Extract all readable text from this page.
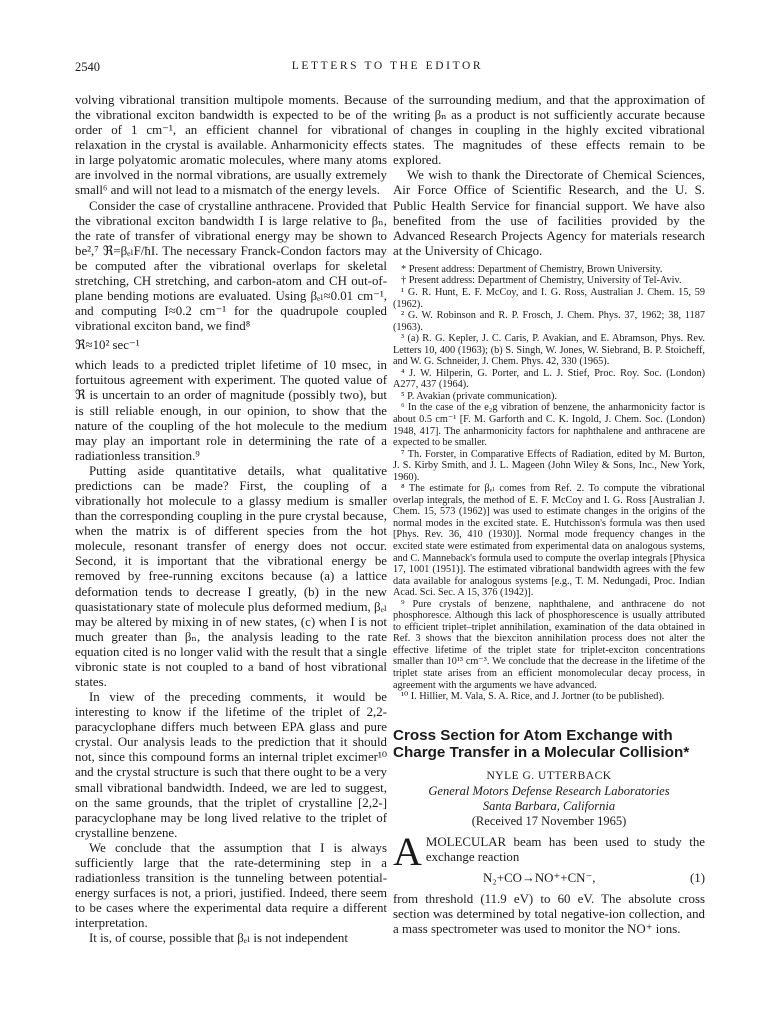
2540	LETTERS TO THE EDITOR

volving vibrational transition multipole moments. Because the vibrational exciton bandwidth is expected to be of the order of 1 cm⁻¹, an efficient channel for vibrational relaxation in the crystal is available. Anharmonicity effects in large polyatomic aromatic molecules, where many atoms are involved in the normal vibrations, are usually extremely small⁶ and will not lead to a mismatch of the energy levels.

Consider the case of crystalline anthracene. Provided that the vibrational exciton bandwidth I is large relative to βₙ, the rate of transfer of vibrational energy may be shown to be²,⁷ ℜ=βₑₗF/ħI. The necessary Franck-Condon factors may be computed after the vibrational overlaps for skeletal stretching, CH stretching, and carbon-atom and CH out-of-plane bending motions are evaluated. Using βₑₗ≈0.01 cm⁻¹, and computing I≈0.2 cm⁻¹ for the quadrupole coupled vibrational exciton band, we find⁸

ℜ≈10² sec⁻¹

which leads to a predicted triplet lifetime of 10 msec, in fortuitous agreement with experiment. The quoted value of ℜ is uncertain to an order of magnitude (possibly two), but is still reliable enough, in our opinion, to show that the nature of the coupling of the hot molecule to the medium may play an important role in determining the rate of a radiationless transition.⁹

Putting aside quantitative details, what qualitative predictions can be made? First, the coupling of a vibrationally hot molecule to a glassy medium is smaller than the corresponding coupling in the pure crystal because, when the matrix is of different species from the hot molecule, resonant transfer of energy does not occur. Second, it is important that the vibrational energy be removed by free-running excitons because (a) a lattice deformation tends to decrease I greatly, (b) in the new quasistationary state of molecule plus deformed medium, βₑₗ may be altered by mixing in of new states, (c) when I is not much greater than βₙ, the analysis leading to the rate equation cited is no longer valid with the result that a single vibronic state is not coupled to a band of host vibrational states.

In view of the preceding comments, it would be interesting to know if the lifetime of the triplet of 2,2-paracyclophane differs much between EPA glass and pure crystal. Our analysis leads to the prediction that it should not, since this compound forms an internal triplet excimer¹⁰ and the crystal structure is such that there ought to be a very small vibrational bandwidth. Indeed, we are led to suggest, on the same grounds, that the triplet of crystalline [2,2-] paracyclophane may be long lived relative to the triplet of crystalline benzene.

We conclude that the assumption that I is always sufficiently large that the rate-determining step in a radiationless transition is the tunneling between potential-energy surfaces is not, a priori, justified. Indeed, there seem to be cases where the experimental data require a different interpretation.

It is, of course, possible that βₑₗ is not independent

of the surrounding medium, and that the approximation of writing βₙ as a product is not sufficiently accurate because of changes in coupling in the highly excited vibrational states. The magnitudes of these effects remain to be explored.

We wish to thank the Directorate of Chemical Sciences, Air Force Office of Scientific Research, and the U. S. Public Health Service for financial support. We have also benefited from the use of facilities provided by the Advanced Research Projects Agency for materials research at the University of Chicago.

* Present address: Department of Chemistry, Brown University.

† Present address: Department of Chemistry, University of Tel-Aviv.

¹ G. R. Hunt, E. F. McCoy, and I. G. Ross, Australian J. Chem. 15, 59 (1962).

² G. W. Robinson and R. P. Frosch, J. Chem. Phys. 37, 1962; 38, 1187 (1963).

³ (a) R. G. Kepler, J. C. Caris, P. Avakian, and E. Abramson, Phys. Rev. Letters 10, 400 (1963); (b) S. Singh, W. Jones, W. Siebrand, B. P. Stoicheff, and W. G. Schneider, J. Chem. Phys. 42, 330 (1965).

⁴ J. W. Hilperin, G. Porter, and L. J. Stief, Proc. Roy. Soc. (London) A277, 437 (1964).

⁵ P. Avakian (private communication).

⁶ In the case of the e₂g vibration of benzene, the anharmonicity factor is about 0.5 cm⁻¹ [F. M. Garforth and C. K. Ingold, J. Chem. Soc. (London) 1948, 417]. The anharmonicity factors for naphthalene and anthracene are expected to be smaller.

⁷ Th. Forster, in Comparative Effects of Radiation, edited by M. Burton, J. S. Kirby Smith, and J. L. Mageen (John Wiley & Sons, Inc., New York, 1960).

⁸ The estimate for βₑₗ comes from Ref. 2. To compute the vibrational overlap integrals, the method of E. F. McCoy and I. G. Ross [Australian J. Chem. 15, 573 (1962)] was used to estimate changes in the origins of the normal modes in the excited state. E. Hutchisson's formula was then used [Phys. Rev. 36, 410 (1930)]. Normal mode frequency changes in the excited state were estimated from experimental data on analogous systems, and C. Manneback's formula used to compute the overlap integrals [Physica 17, 1001 (1951)]. The estimated vibrational bandwidth agrees with the few data available for analogous systems [e.g., T. M. Nedungadi, Proc. Indian Acad. Sci. Sec. A 15, 376 (1942)].

⁹ Pure crystals of benzene, naphthalene, and anthracene do not phosphoresce. Although this lack of phosphorescence is usually attributed to efficient triplet–triplet annihilation, examination of the data obtained in Ref. 3 shows that the biexciton annihilation process does not alter the effective lifetime of the triplet state for triplet-exciton concentrations smaller than 10¹³ cm⁻³. We conclude that the decrease in the lifetime of the triplet state arises from an efficient monomolecular decay process, in agreement with the arguments we have advanced.

¹⁰ I. Hillier, M. Vala, S. A. Rice, and J. Jortner (to be published).

Cross Section for Atom Exchange with Charge Transfer in a Molecular Collision*
NYLE G. UTTERBACK
General Motors Defense Research Laboratories
Santa Barbara, California
(Received 17 November 1965)

AMOLECULAR beam has been used to study the exchange reaction

N₂+CO→NO⁺+CN⁻,	(1)

from threshold (11.9 eV) to 60 eV. The absolute cross section was determined by total negative-ion collection, and a mass spectrometer was used to monitor the NO⁺ ions.
